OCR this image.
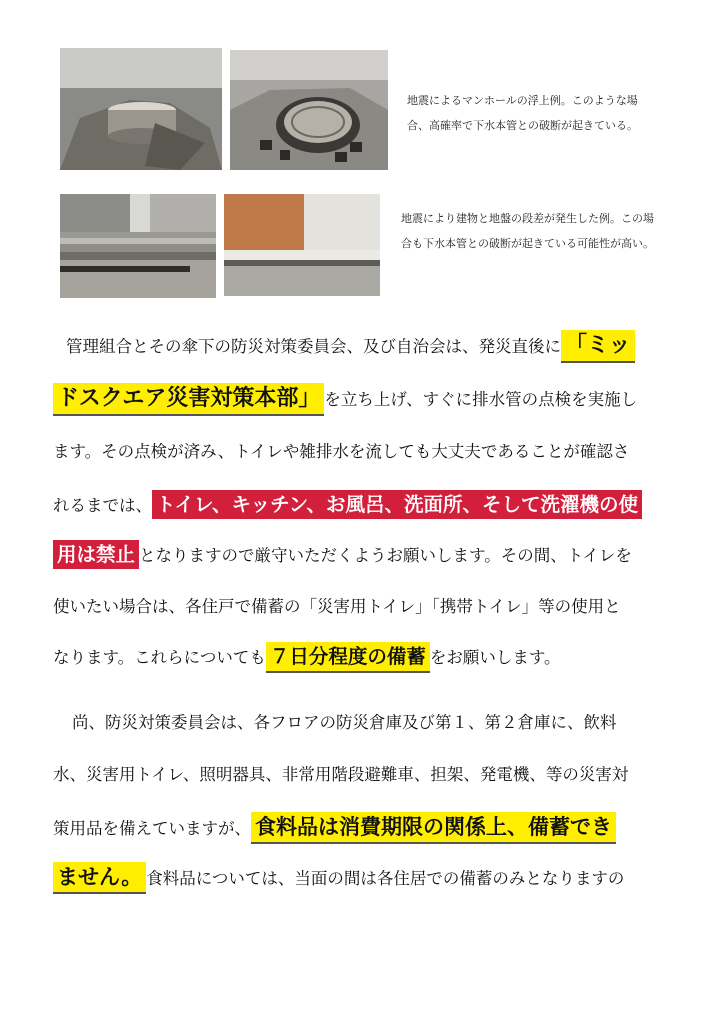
地震によるマンホールの浮上例。このような場
合、高確率で下水本管との破断が起きている。
地震により建物と地盤の段差が発生した例。この場
合も下水本管との破断が起きている可能性が高い。
管理組合とその傘下の防災対策委員会、及び自治会は、発災直後に 「ミッ
ドスクエア災害対策本部」 を立ち上げ、すぐに排水管の点検を実施し
ます。その点検が済み、トイレや雑排水を流しても大丈夫であることが確認さ
れるまでは、 トイレ、キッチン、お風呂、洗面所、そして洗濯機の使
用は禁止 となりますので厳守いただくようお願いします。その間、トイレを
使いたい場合は、各住戸で備蓄の「災害用トイレ」「携帯トイレ」等の使用と
なります。これらについても ７日分程度の備蓄 をお願いします。
尚、防災対策委員会は、各フロアの防災倉庫及び第１、第２倉庫に、飲料
水、災害用トイレ、照明器具、非常用階段避難車、担架、発電機、等の災害対
策用品を備えていますが、 食料品は消費期限の関係上、備蓄でき
ません。 食料品については、当面の間は各住居での備蓄のみとなりますの
